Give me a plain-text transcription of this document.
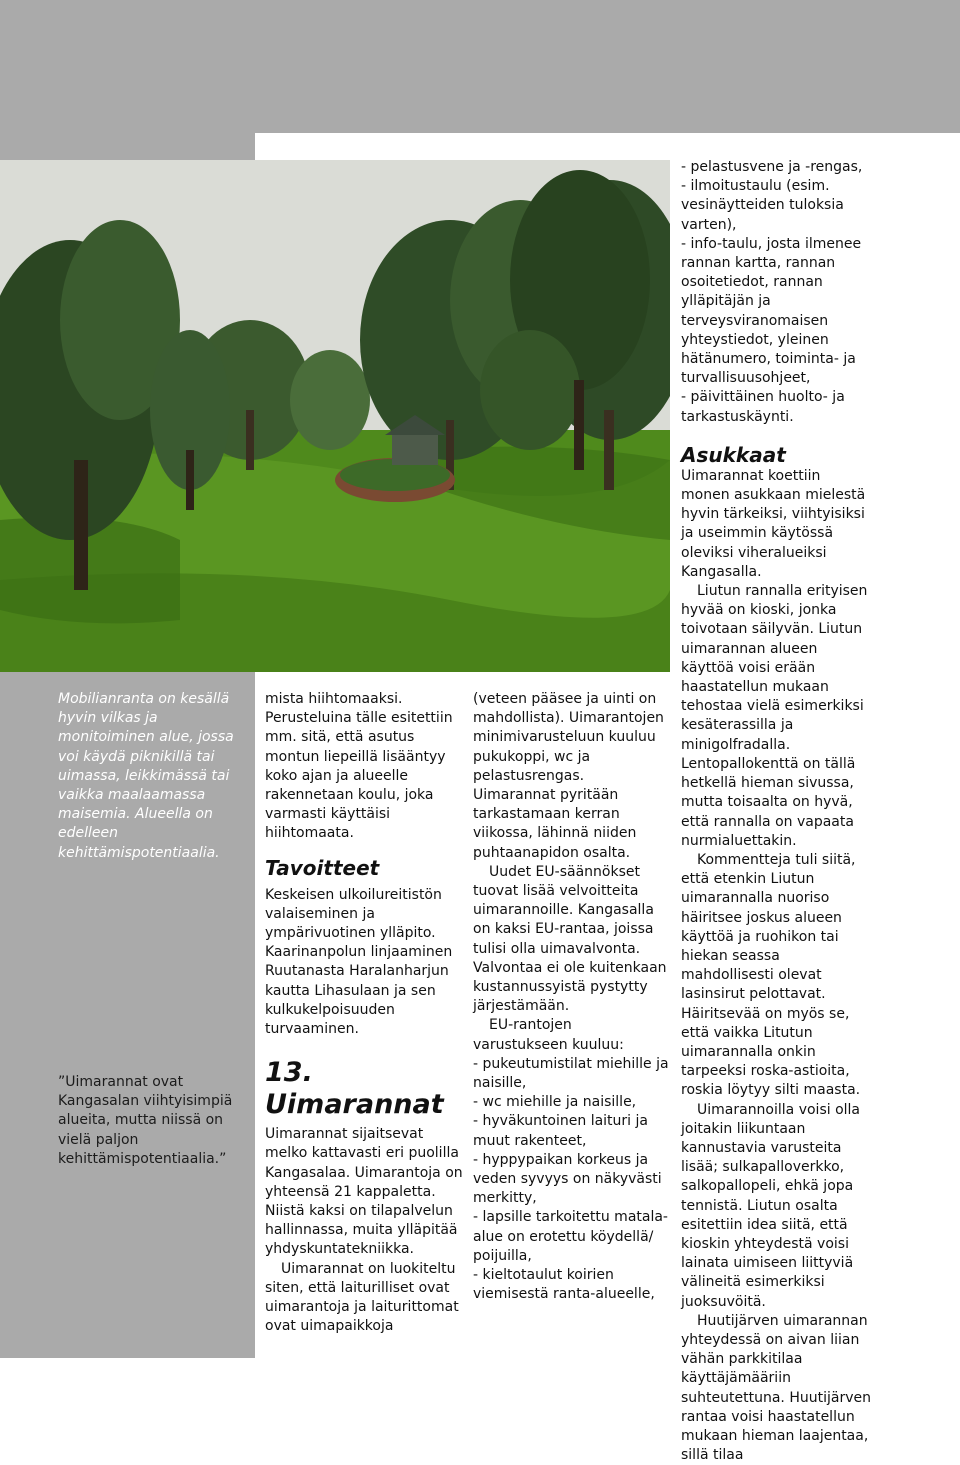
Mobilianranta on kesällä hyvin vilkas ja monitoiminen alue, jossa voi käydä piknikillä tai uimassa, leikkimässä tai vaikka maalaamassa maisemia. Alueella on edelleen kehittämispotentiaalia.
”Uimarannat ovat Kangasalan viihtyisimpiä alueita, mutta niissä on vielä paljon kehittämispotentiaalia.”

mista hiihtomaaksi. Perusteluina tälle esitettiin mm. sitä, että asutus montun liepeillä lisääntyy koko ajan ja alueelle rakennetaan koulu, joka varmasti käyttäisi hiihtomaata.

Tavoitteet

Keskeisen ulkoilureitistön valaiseminen ja ympärivuotinen ylläpito. Kaarinanpolun linjaaminen Ruutanasta Haralanharjun kautta Lihasulaan ja sen kulkukelpoisuuden turvaaminen.

13. Uimarannat

Uimarannat sijaitsevat melko kattavasti eri puolilla Kangasalaa. Uimarantoja on yhteensä 21 kappaletta. Niistä kaksi on tilapalvelun hallinnassa, muita ylläpitää yhdyskuntatekniikka.

Uimarannat on luokiteltu siten, että laiturilliset ovat uimarantoja ja laiturittomat ovat uimapaikkoja

(veteen pääsee ja uinti on mahdollista). Uimarantojen minimivarusteluun kuuluu pukukoppi, wc ja pelastusrengas. Uimarannat pyritään tarkastamaan kerran viikossa, lähinnä niiden puhtaanapidon osalta.

Uudet EU-säännökset tuovat lisää velvoitteita uimarannoille. Kangasalla on kaksi EU-rantaa, joissa tulisi olla uimavalvonta. Valvontaa ei ole kuitenkaan kustannussyistä pystytty järjestämään.

EU-rantojen varustukseen kuuluu:

- pukeutumistilat miehille ja naisille,

- wc miehille ja naisille,

- hyväkuntoinen laituri ja muut rakenteet,

- hyppypaikan korkeus ja veden syvyys on näkyvästi merkitty,

- lapsille tarkoitettu matala-alue on erotettu köydellä/ poijuilla,

- kieltotaulut koirien viemisestä ranta-alueelle,

- pelastusvene ja -rengas,

- ilmoitustaulu (esim. vesinäytteiden tuloksia varten),

- info-taulu, josta ilmenee rannan kartta, rannan osoitetiedot, rannan ylläpitäjän ja terveysviranomaisen yhteystiedot, yleinen hätänumero, toiminta- ja turvallisuusohjeet,

- päivittäinen huolto- ja tarkastuskäynti.

Asukkaat

Uimarannat koettiin monen asukkaan mielestä hyvin tärkeiksi, viihtyisiksi ja useimmin käytössä oleviksi viheralueiksi Kangasalla.

Liutun rannalla erityisen hyvää on kioski, jonka toivotaan säilyvän. Liutun uimarannan alueen käyttöä voisi erään haastatellun mukaan tehostaa vielä esimerkiksi kesäterassilla ja minigolfradalla. Lentopallokenttä on tällä hetkellä hieman sivussa, mutta toisaalta on hyvä, että rannalla on vapaata nurmialuettakin.

Kommentteja tuli siitä, että etenkin Liutun uimarannalla nuoriso häiritsee joskus alueen käyttöä ja ruohikon tai hiekan seassa mahdollisesti olevat lasinsirut pelottavat. Häiritsevää on myös se, että vaikka Litutun uimarannalla onkin tarpeeksi roska-astioita, roskia löytyy silti maasta.

Uimarannoilla voisi olla joitakin liikuntaan kannustavia varusteita lisää; sulkapalloverkko, salkopallopeli, ehkä jopa tennistä. Liutun osalta esitettiin idea siitä, että kioskin yhteydestä voisi lainata uimiseen liittyviä välineitä esimerkiksi juoksuvöitä.

Huutijärven uimarannan yhteydessä on aivan liian vähän parkkitilaa käyttäjämääriin suhteutettuna. Huutijärven rantaa voisi haastatellun mukaan hieman laajentaa, sillä tilaa
